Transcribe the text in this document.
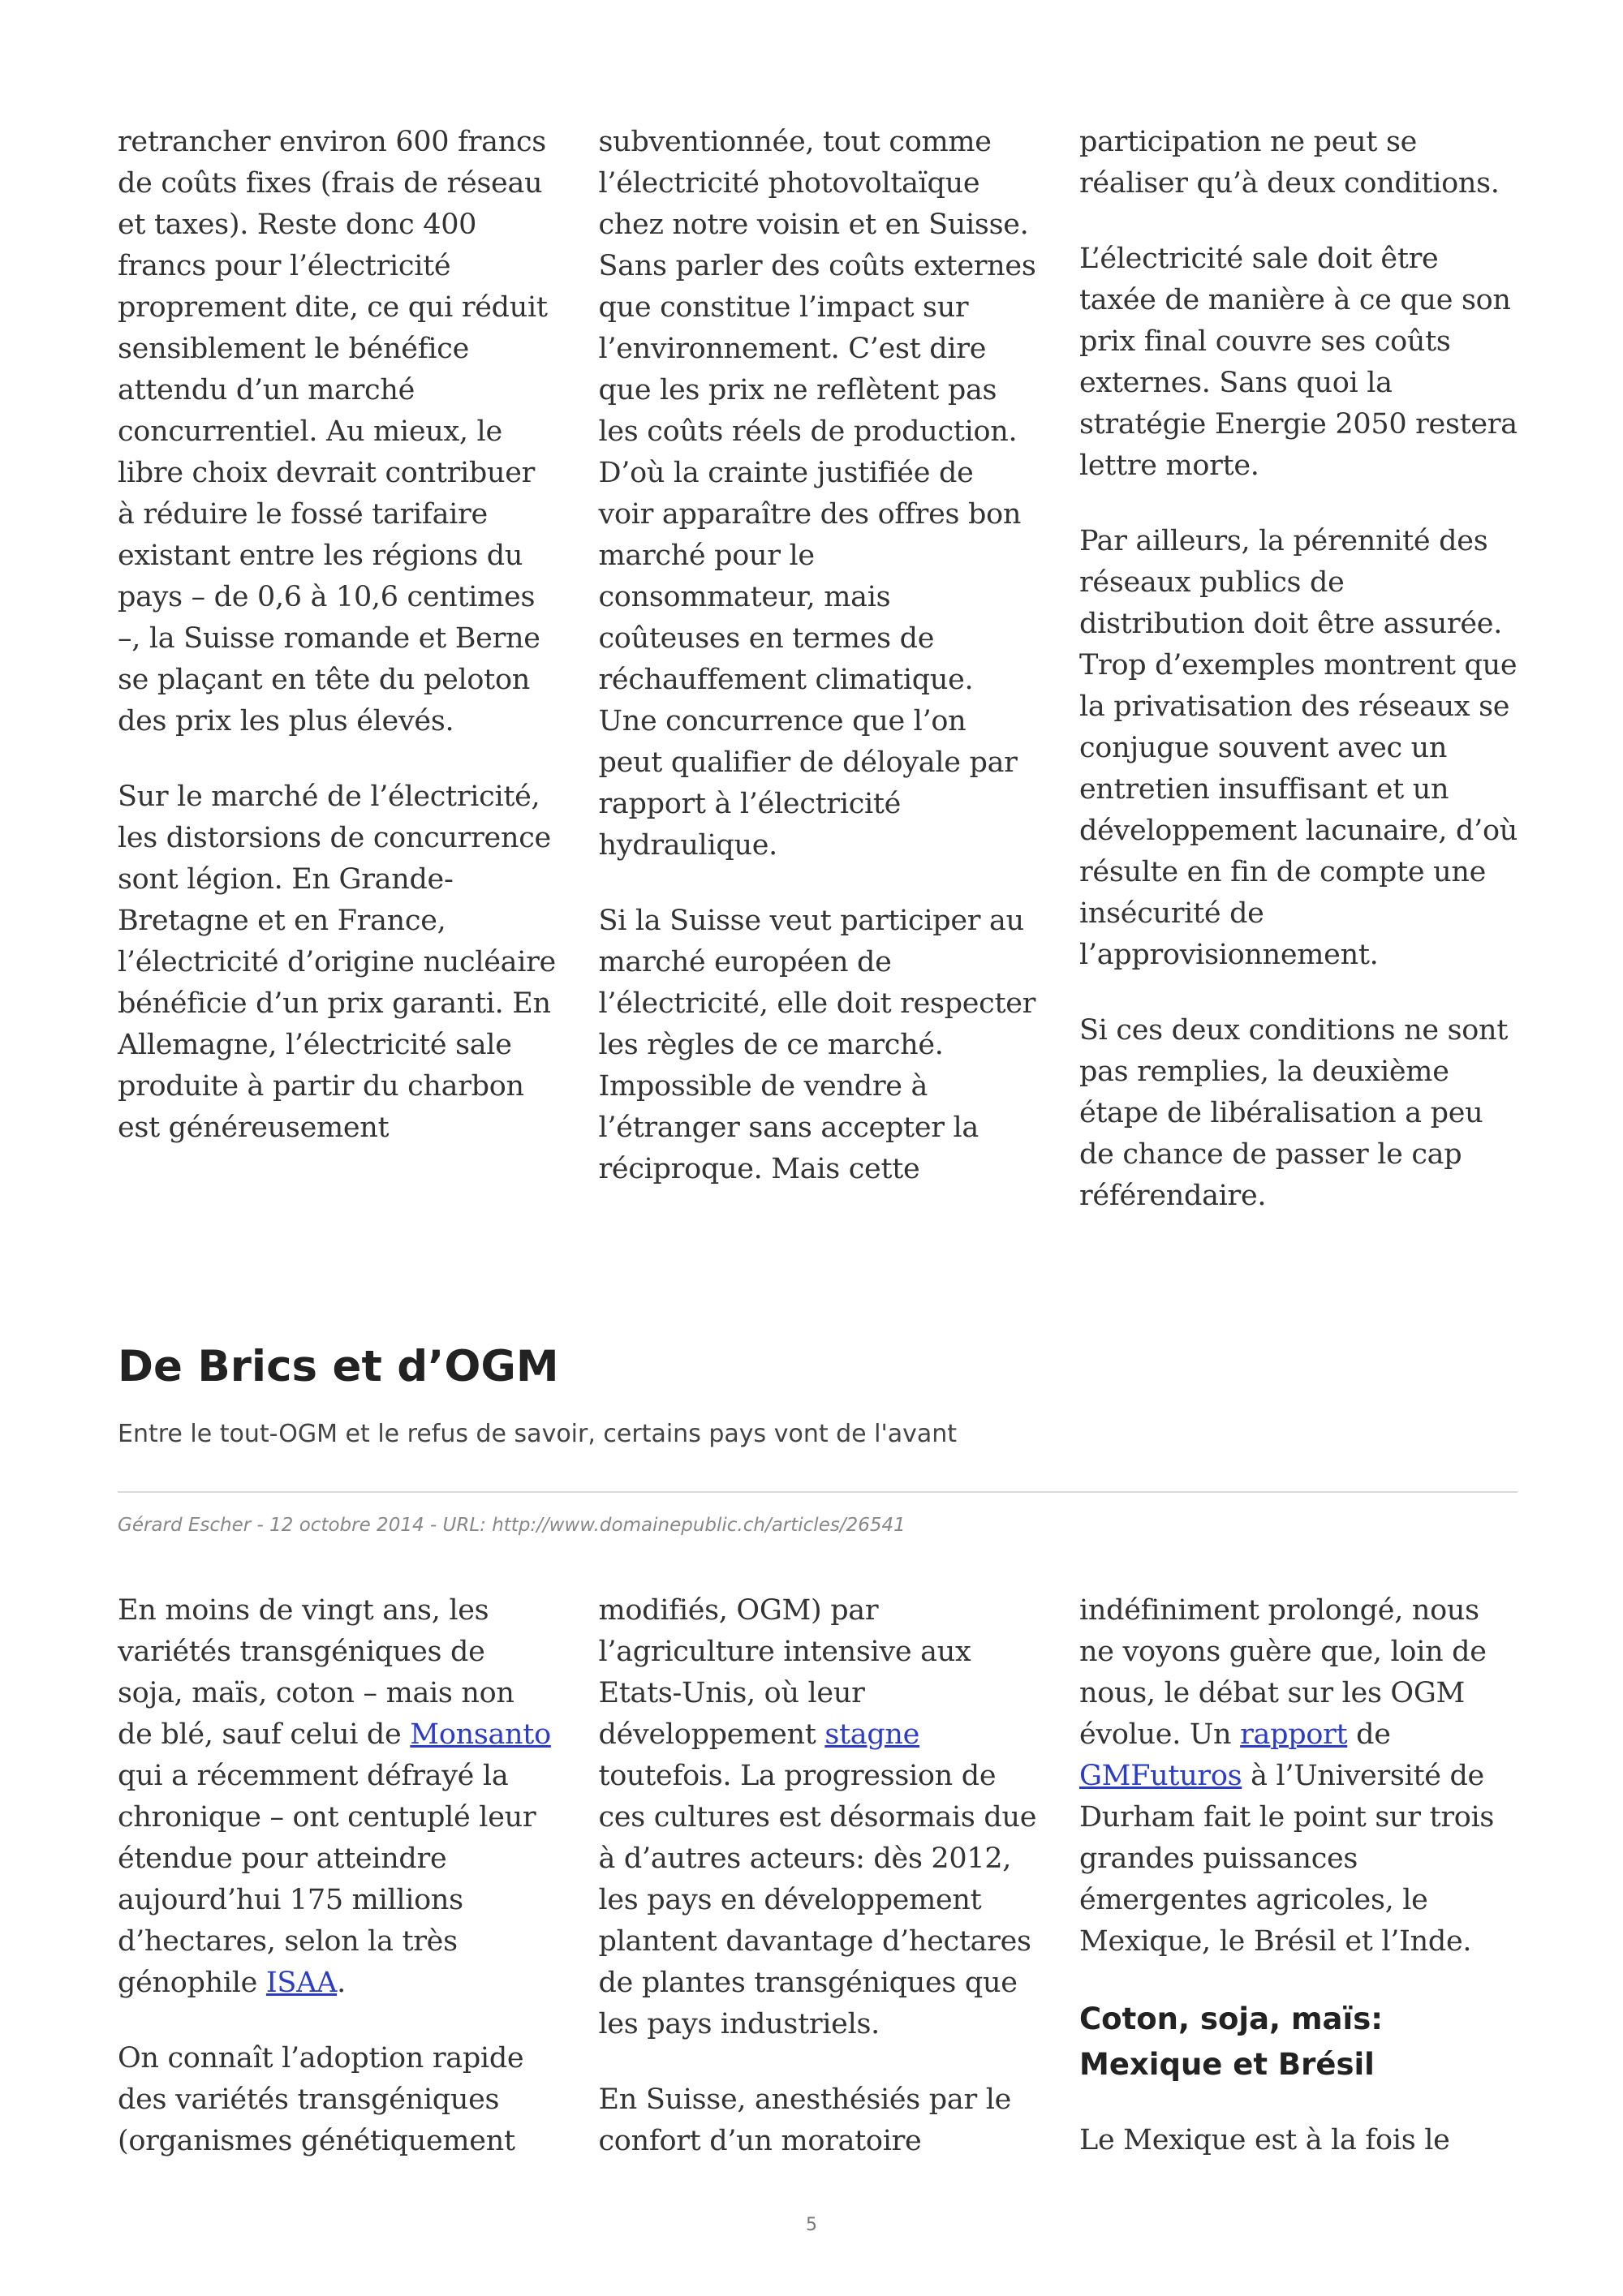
retrancher environ 600 francs de coûts fixes (frais de réseau et taxes). Reste donc 400 francs pour l’électricité proprement dite, ce qui réduit sensiblement le bénéfice attendu d’un marché concurrentiel. Au mieux, le libre choix devrait contribuer à réduire le fossé tarifaire existant entre les régions du pays – de 0,6 à 10,6 centimes –, la Suisse romande et Berne se plaçant en tête du peloton des prix les plus élevés.

Sur le marché de l’électricité, les distorsions de concurrence sont légion. En Grande-Bretagne et en France, l’électricité d’origine nucléaire bénéficie d’un prix garanti. En Allemagne, l’électricité sale produite à partir du charbon est généreusement

subventionnée, tout comme l’électricité photovoltaïque chez notre voisin et en Suisse. Sans parler des coûts externes que constitue l’impact sur l’environnement. C’est dire que les prix ne reflètent pas les coûts réels de production. D’où la crainte justifiée de voir apparaître des offres bon marché pour le consommateur, mais coûteuses en termes de réchauffement climatique. Une concurrence que l’on peut qualifier de déloyale par rapport à l’électricité hydraulique.

Si la Suisse veut participer au marché européen de l’électricité, elle doit respecter les règles de ce marché. Impossible de vendre à l’étranger sans accepter la réciproque. Mais cette

participation ne peut se réaliser qu’à deux conditions.

L’électricité sale doit être taxée de manière à ce que son prix final couvre ses coûts externes. Sans quoi la stratégie Energie 2050 restera lettre morte.

Par ailleurs, la pérennité des réseaux publics de distribution doit être assurée. Trop d’exemples montrent que la privatisation des réseaux se conjugue souvent avec un entretien insuffisant et un développement lacunaire, d’où résulte en fin de compte une insécurité de l’approvisionnement.

Si ces deux conditions ne sont pas remplies, la deuxième étape de libéralisation a peu de chance de passer le cap référendaire.

De Brics et d’OGM

Entre le tout-OGM et le refus de savoir, certains pays vont de l'avant

Gérard Escher - 12 octobre 2014 - URL: http://www.domainepublic.ch/articles/26541

En moins de vingt ans, les variétés transgéniques de soja, maïs, coton – mais non de blé, sauf celui de Monsanto qui a récemment défrayé la chronique – ont centuplé leur étendue pour atteindre aujourd’hui 175 millions d’hectares, selon la très génophile ISAA.

On connaît l’adoption rapide des variétés transgéniques (organismes génétiquement

modifiés, OGM) par l’agriculture intensive aux Etats-Unis, où leur développement stagne toutefois. La progression de ces cultures est désormais due à d’autres acteurs: dès 2012, les pays en développement plantent davantage d’hectares de plantes transgéniques que les pays industriels.

En Suisse, anesthésiés par le confort d’un moratoire

indéfiniment prolongé, nous ne voyons guère que, loin de nous, le débat sur les OGM évolue. Un rapport de GMFuturos à l’Université de Durham fait le point sur trois grandes puissances émergentes agricoles, le Mexique, le Brésil et l’Inde.

Coton, soja, maïs: Mexique et Brésil

Le Mexique est à la fois le

5
